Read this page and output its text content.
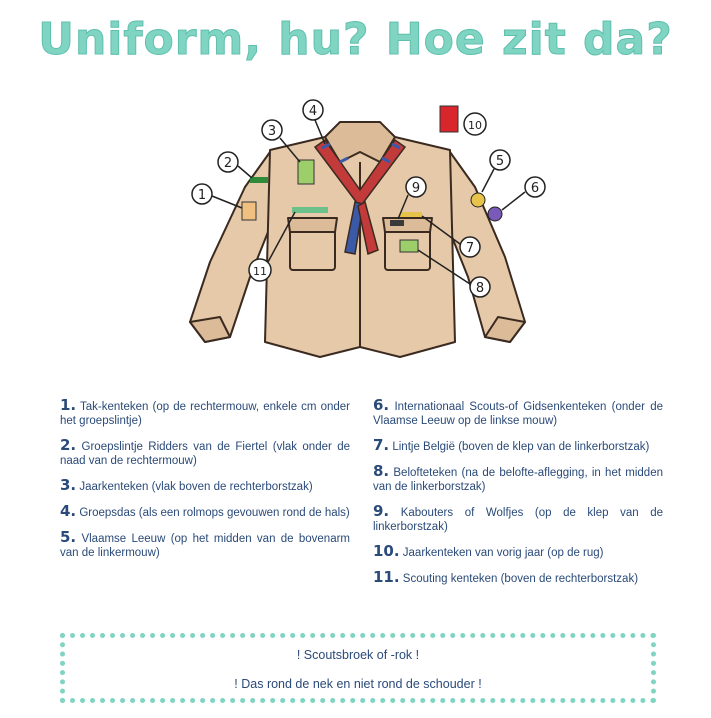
Uniform, hu? Hoe zit da?
1
2
3
4
5
6
7
8
9
10
11
1. Tak-kenteken (op de rechtermouw, enkele cm onder het groepslintje)
2. Groepslintje Ridders van de Fiertel (vlak onder de naad van de rechtermouw)
3. Jaarkenteken (vlak boven de rechterborstzak)
4. Groepsdas (als een rolmops gevouwen rond de hals)
5. Vlaamse Leeuw (op het midden van de bovenarm van de linkermouw)
6. Internationaal Scouts-of Gidsenkenteken (onder de Vlaamse Leeuw op de linkse mouw)
7. Lintje België (boven de klep van de linkerborstzak)
8. Belofteteken (na de belofte-aflegging, in het midden van de linkerborstzak)
9. Kabouters of Wolfjes (op de klep van de linkerborstzak)
10. Jaarkenteken van vorig jaar (op de rug)
11. Scouting kenteken (boven de rechterborstzak)
! Scoutsbroek of -rok !
! Das rond de nek en niet rond de schouder !
